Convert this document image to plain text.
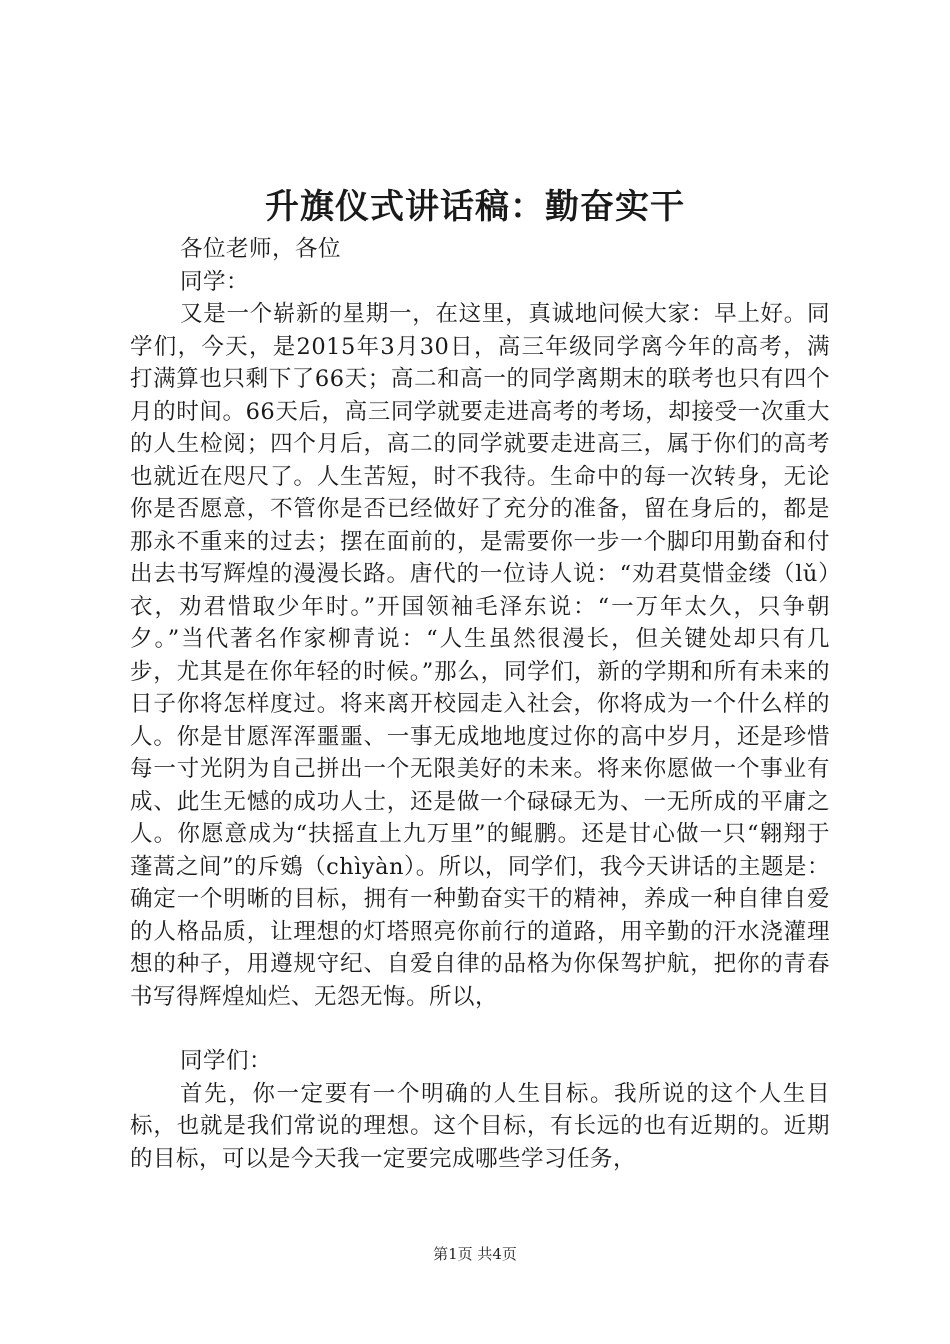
升旗仪式讲话稿：勤奋实干

各位老师，各位

同学：

又是一个崭新的星期一，在这里，真诚地问候大家：早上好。同学们，今天，是2015年3月30日，高三年级同学离今年的高考，满打满算也只剩下了66天；高二和高一的同学离期末的联考也只有四个月的时间。66天后，高三同学就要走进高考的考场，却接受一次重大的人生检阅；四个月后，高二的同学就要走进高三，属于你们的高考也就近在咫尺了。人生苦短，时不我待。生命中的每一次转身，无论你是否愿意，不管你是否已经做好了充分的准备，留在身后的，都是那永不重来的过去；摆在面前的，是需要你一步一个脚印用勤奋和付出去书写辉煌的漫漫长路。唐代的一位诗人说：“劝君莫惜金缕（lǔ）衣，劝君惜取少年时。”开国领袖毛泽东说：“一万年太久，只争朝夕。”当代著名作家柳青说：“人生虽然很漫长，但关键处却只有几步，尤其是在你年轻的时候。”那么，同学们，新的学期和所有未来的日子你将怎样度过。将来离开校园走入社会，你将成为一个什么样的人。你是甘愿浑浑噩噩、一事无成地地度过你的高中岁月，还是珍惜每一寸光阴为自己拼出一个无限美好的未来。将来你愿做一个事业有成、此生无憾的成功人士，还是做一个碌碌无为、一无所成的平庸之人。你愿意成为“扶摇直上九万里”的鲲鹏。还是甘心做一只“翱翔于蓬蒿之间”的斥鴳（chìyàn）。所以，同学们，我今天讲话的主题是：确定一个明晰的目标，拥有一种勤奋实干的精神，养成一种自律自爱的人格品质，让理想的灯塔照亮你前行的道路，用辛勤的汗水浇灌理想的种子，用遵规守纪、自爱自律的品格为你保驾护航，把你的青春书写得辉煌灿烂、无怨无悔。所以，

同学们：

首先，你一定要有一个明确的人生目标。我所说的这个人生目标，也就是我们常说的理想。这个目标，有长远的也有近期的。近期的目标，可以是今天我一定要完成哪些学习任务，

第1页 共4页
